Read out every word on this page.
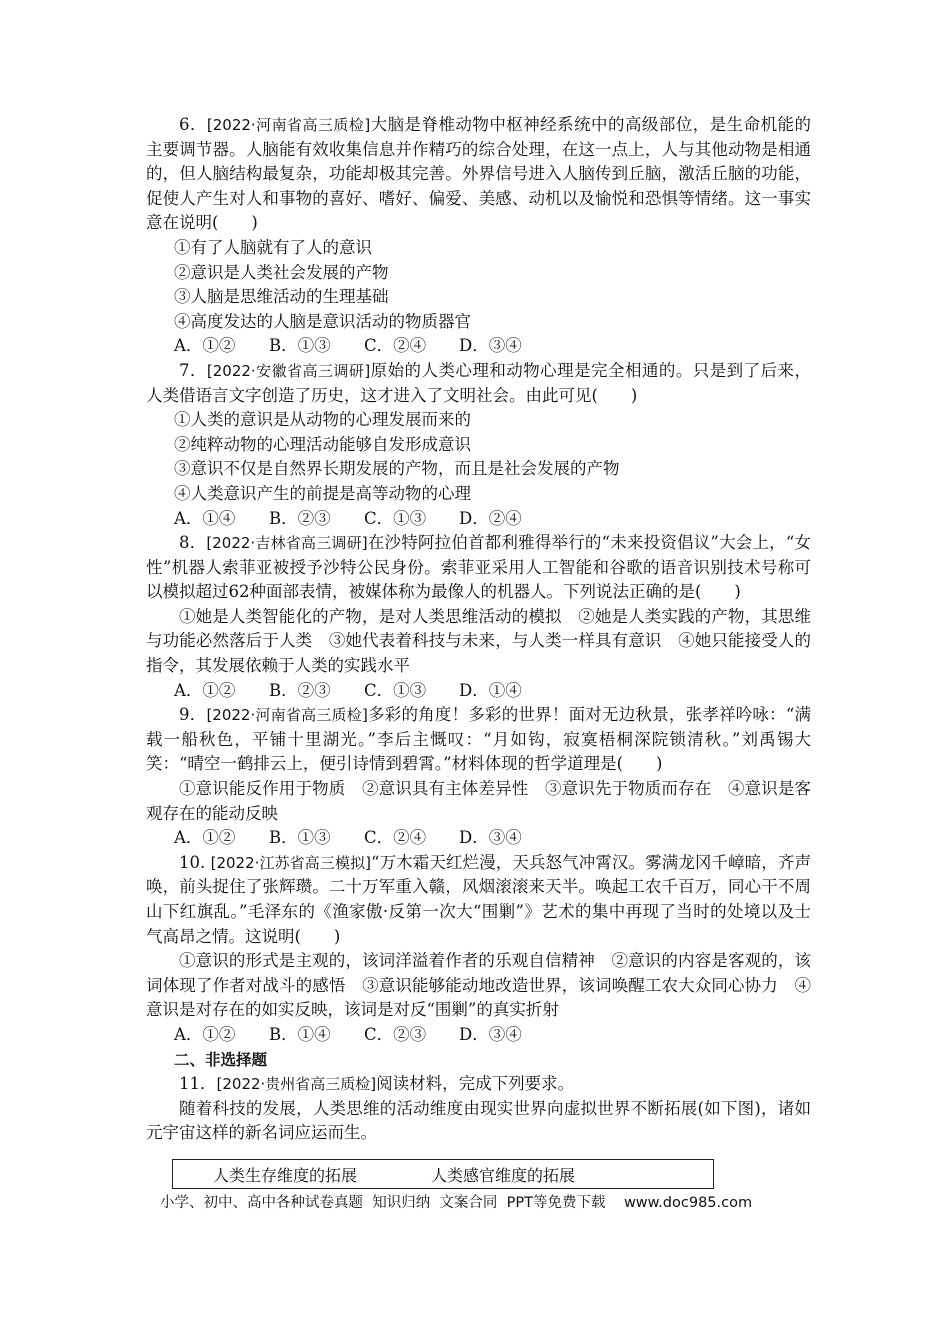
6．[2022·河南省高三质检]大脑是脊椎动物中枢神经系统中的高级部位，是生命机能的主要调节器。人脑能有效收集信息并作精巧的综合处理，在这一点上，人与其他动物是相通的，但人脑结构最复杂，功能却极其完善。外界信号进入人脑传到丘脑，激活丘脑的功能，促使人产生对人和事物的喜好、嗜好、偏爱、美感、动机以及愉悦和恐惧等情绪。这一事实意在说明(　　)

①有了人脑就有了人的意识

②意识是人类社会发展的产物

③人脑是思维活动的生理基础

④高度发达的人脑是意识活动的物质器官

A．①② B．①③ C．②④ D．③④

7．[2022·安徽省高三调研]原始的人类心理和动物心理是完全相通的。只是到了后来，人类借语言文字创造了历史，这才进入了文明社会。由此可见(　　)

①人类的意识是从动物的心理发展而来的

②纯粹动物的心理活动能够自发形成意识

③意识不仅是自然界长期发展的产物，而且是社会发展的产物

④人类意识产生的前提是高等动物的心理

A．①④ B．②③ C．①③ D．②④

8．[2022·吉林省高三调研]在沙特阿拉伯首都利雅得举行的“未来投资倡议”大会上，“女性”机器人索菲亚被授予沙特公民身份。索菲亚采用人工智能和谷歌的语音识别技术号称可以模拟超过62种面部表情，被媒体称为最像人的机器人。下列说法正确的是(　　)

①她是人类智能化的产物，是对人类思维活动的模拟　②她是人类实践的产物，其思维与功能必然落后于人类　③她代表着科技与未来，与人类一样具有意识　④她只能接受人的指令，其发展依赖于人类的实践水平

A．①② B．②③ C．①③ D．①④

9．[2022·河南省高三质检]多彩的角度！多彩的世界！面对无边秋景，张孝祥吟咏：“满载一船秋色，平铺十里湖光。”李后主慨叹：“月如钩，寂寞梧桐深院锁清秋。”刘禹锡大笑：“晴空一鹤排云上，便引诗情到碧霄。”材料体现的哲学道理是(　　)

①意识能反作用于物质　②意识具有主体差异性　③意识先于物质而存在　④意识是客观存在的能动反映

A．①② B．①③ C．②④ D．③④

10. [2022·江苏省高三模拟]“万木霜天红烂漫，天兵怒气冲霄汉。雾满龙冈千嶂暗，齐声唤，前头捉住了张辉瓒。二十万军重入赣，风烟滚滚来天半。唤起工农千百万，同心干不周山下红旗乱。”毛泽东的《渔家傲·反第一次大“围剿”》艺术的集中再现了当时的处境以及士气高昂之情。这说明(　　)

①意识的形式是主观的，该词洋溢着作者的乐观自信精神　②意识的内容是客观的，该词体现了作者对战斗的感悟　③意识能够能动地改造世界，该词唤醒工农大众同心协力　④意识是对存在的如实反映，该词是对反“围剿”的真实折射

A．①② B．①④ C．②③ D．③④

二、非选择题

11．[2022·贵州省高三质检]阅读材料，完成下列要求。

随着科技的发展，人类思维的活动维度由现实世界向虚拟世界不断拓展(如下图)，诸如元宇宙这样的新名词应运而生。

人类生存维度的拓展	人类感官维度的拓展
小学、初中、高中各种试卷真题  知识归纳  文案合同  PPT等免费下载 www.doc985.com
